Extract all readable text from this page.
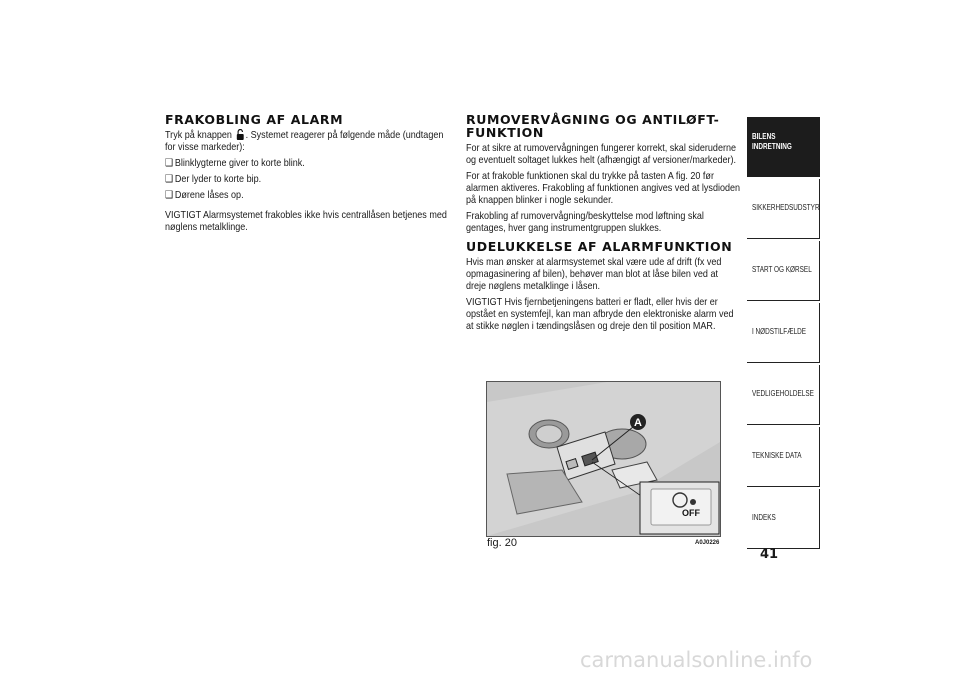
FRAKOBLING AF ALARM

Tryk på knappen . Systemet reagerer på følgende måde (undtagen for visse markeder):

❑ Blinklygterne giver to korte blink.

❑ Der lyder to korte bip.

❑ Dørene låses op.

VIGTIGT Alarmsystemet frakobles ikke hvis centrallåsen betjenes med nøglens metalklinge.

RUMOVERVÅGNING OG ANTILØFT-FUNKTION

For at sikre at rumovervågningen fungerer korrekt, skal sideruderne og eventuelt soltaget lukkes helt (afhængigt af versioner/markeder).

For at frakoble funktionen skal du trykke på tasten A fig. 20 før alarmen aktiveres. Frakobling af funktionen angives ved at lysdioden på knappen blinker i nogle sekunder.

Frakobling af rumovervågning/beskyttelse mod løftning skal gentages, hver gang instrumentgruppen slukkes.

UDELUKKELSE AF ALARMFUNKTION

Hvis man ønsker at alarmsystemet skal være ude af drift (fx ved opmagasinering af bilen), behøver man blot at låse bilen ved at dreje nøglens metalklinge i låsen.

VIGTIGT Hvis fjernbetjeningens batteri er fladt, eller hvis der er opstået en systemfejl, kan man afbryde den elektroniske alarm ved at stikke nøglen i tændingslåsen og dreje den til position MAR.

A
OFF
fig. 20	A0J0226
BILENS INDRETNING
SIKKERHEDSUDSTYR
START OG KØRSEL
I NØDSTILFÆLDE
VEDLIGEHOLDELSE
TEKNISKE DATA
INDEKS
41
carmanualsonline.info
